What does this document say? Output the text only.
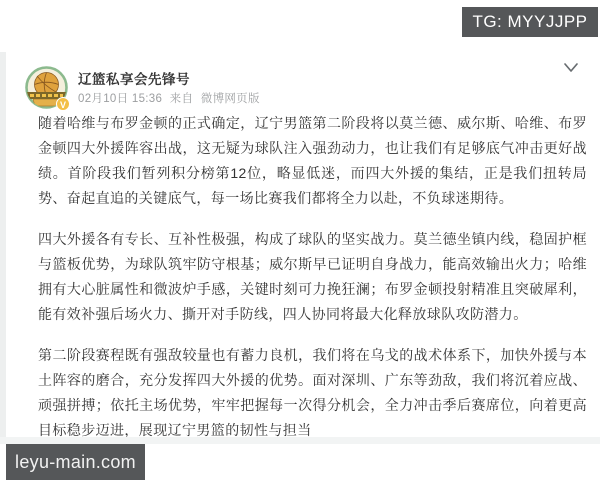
TG: MYYJJPP
V
辽篮私享会先锋号
02月10日 15:36 来自 微博网页版

随着哈维与布罗金顿的正式确定，辽宁男篮第二阶段将以莫兰德、威尔斯、哈维、布罗金顿四大外援阵容出战，这无疑为球队注入强劲动力，也让我们有足够底气冲击更好战绩。首阶段我们暂列积分榜第12位，略显低迷，而四大外援的集结，正是我们扭转局势、奋起直追的关键底气，每一场比赛我们都将全力以赴，不负球迷期待。

四大外援各有专长、互补性极强，构成了球队的坚实战力。莫兰德坐镇内线，稳固护框与篮板优势，为球队筑牢防守根基；威尔斯早已证明自身战力，能高效输出火力；哈维拥有大心脏属性和微波炉手感，关键时刻可力挽狂澜；布罗金顿投射精准且突破犀利，能有效补强后场火力、撕开对手防线，四人协同将最大化释放球队攻防潜力。

第二阶段赛程既有强敌较量也有蓄力良机，我们将在乌戈的战术体系下，加快外援与本土阵容的磨合，充分发挥四大外援的优势。面对深圳、广东等劲敌，我们将沉着应战、顽强拼搏；依托主场优势，牢牢把握每一次得分机会，全力冲击季后赛席位，向着更高目标稳步迈进，展现辽宁男篮的韧性与担当

leyu-main.com
